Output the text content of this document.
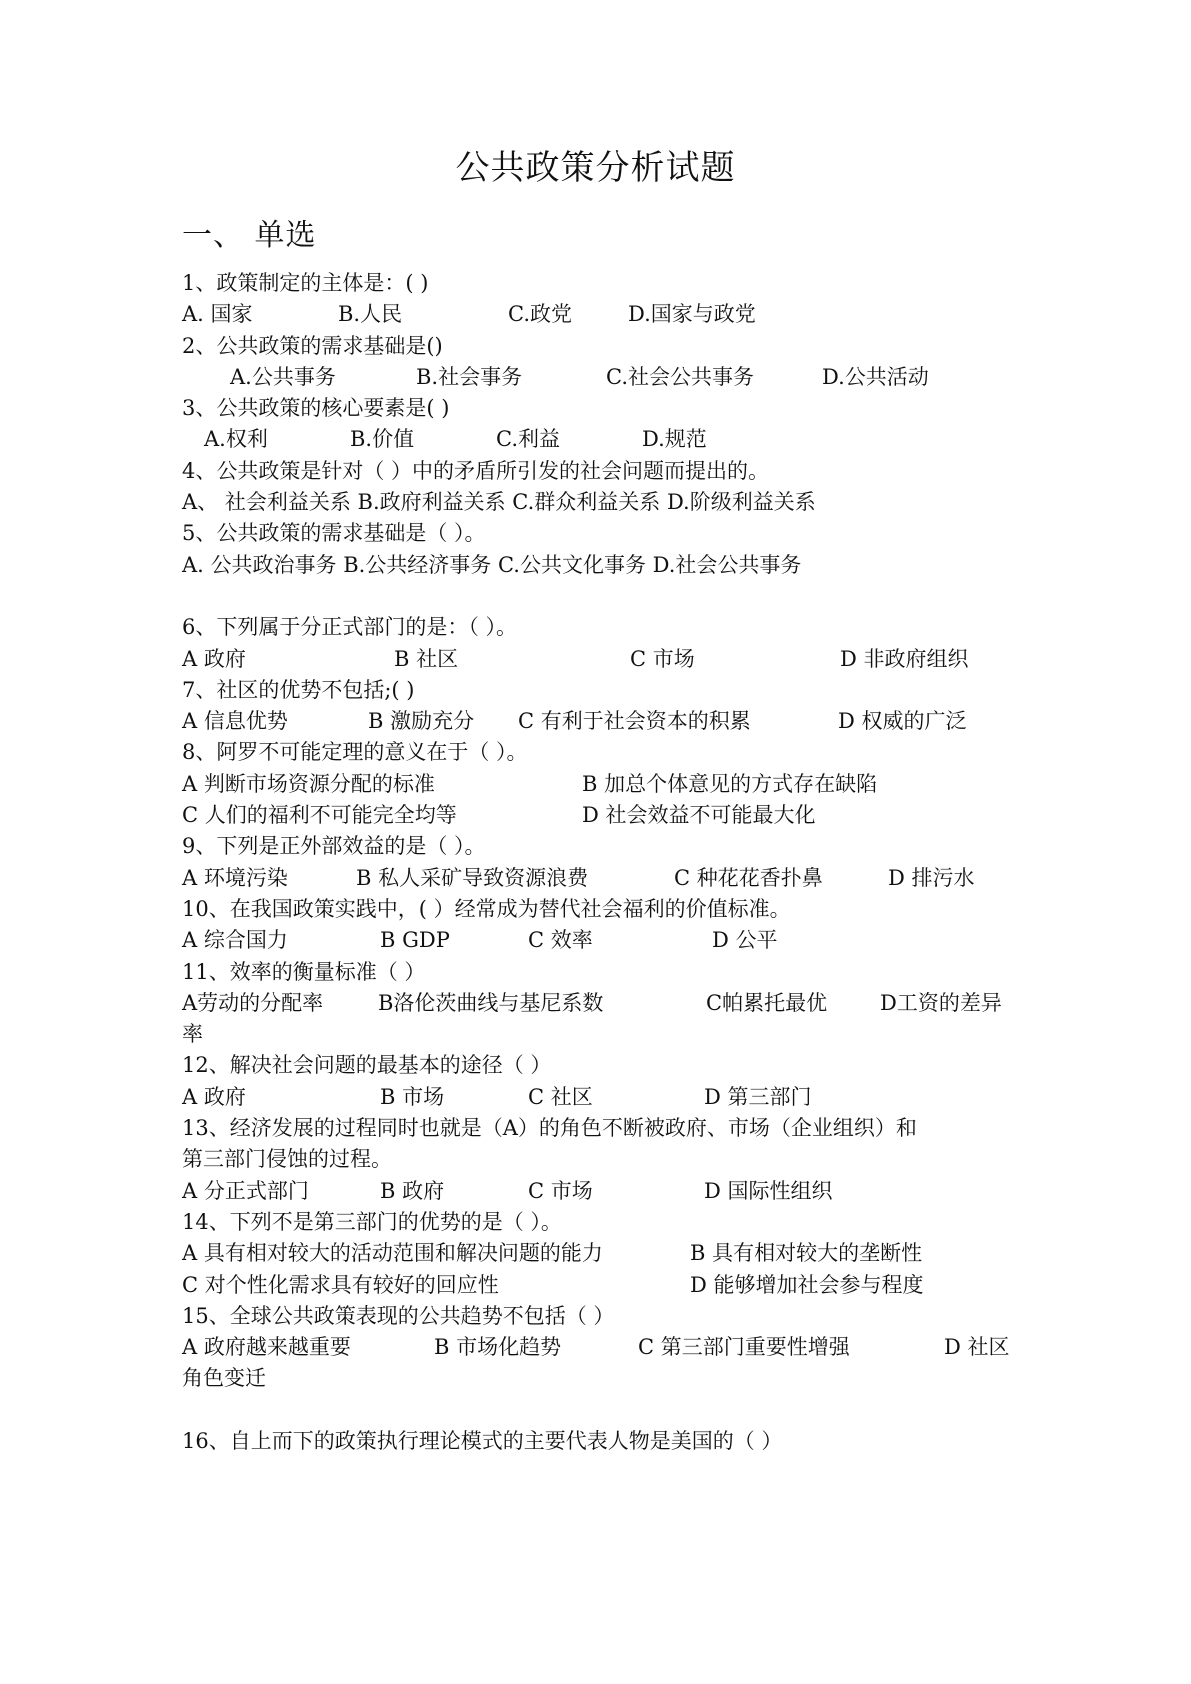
公共政策分析试题
一、 单选
1、政策制定的主体是：( )
A. 国家	B.人民	C.政党	D.国家与政党
2、公共政策的需求基础是()
A.公共事务	B.社会事务	C.社会公共事务	D.公共活动
3、公共政策的核心要素是( )
A.权利	B.价值	C.利益	D.规范
4、公共政策是针对（ ）中的矛盾所引发的社会问题而提出的。
A、 社会利益关系 B.政府利益关系 C.群众利益关系 D.阶级利益关系
5、公共政策的需求基础是（ ）。
A. 公共政治事务 B.公共经济事务 C.公共文化事务 D.社会公共事务
6、下列属于分正式部门的是：（ ）。
A 政府	B 社区	C 市场	D 非政府组织
7、社区的优势不包括;( )
A 信息优势	B 激励充分 C 有利于社会资本的积累	D 权威的广泛
8、阿罗不可能定理的意义在于（ ）。
A 判断市场资源分配的标准	B 加总个体意见的方式存在缺陷
C 人们的福利不可能完全均等	D 社会效益不可能最大化
9、下列是正外部效益的是（ ）。
A 环境污染	B 私人采矿导致资源浪费	C 种花花香扑鼻	D 排污水
10、在我国政策实践中，( ）经常成为替代社会福利的价值标准。
A 综合国力	B GDP	C 效率	D 公平
11、效率的衡量标准（ ）
A劳动的分配率	B洛伦茨曲线与基尼系数	C帕累托最优	D工资的差异
率
12、解决社会问题的最基本的途径（ ）
A 政府	B 市场	C 社区	D 第三部门
13、经济发展的过程同时也就是（A）的角色不断被政府、市场（企业组织）和
第三部门侵蚀的过程。
A 分正式部门	B 政府	C 市场	D 国际性组织
14、下列不是第三部门的优势的是（ ）。
A 具有相对较大的活动范围和解决问题的能力	B 具有相对较大的垄断性
C 对个性化需求具有较好的回应性	D 能够增加社会参与程度
15、全球公共政策表现的公共趋势不包括（ ）
A 政府越来越重要	B 市场化趋势	C 第三部门重要性增强	D 社区
角色变迁
16、自上而下的政策执行理论模式的主要代表人物是美国的（ ）
